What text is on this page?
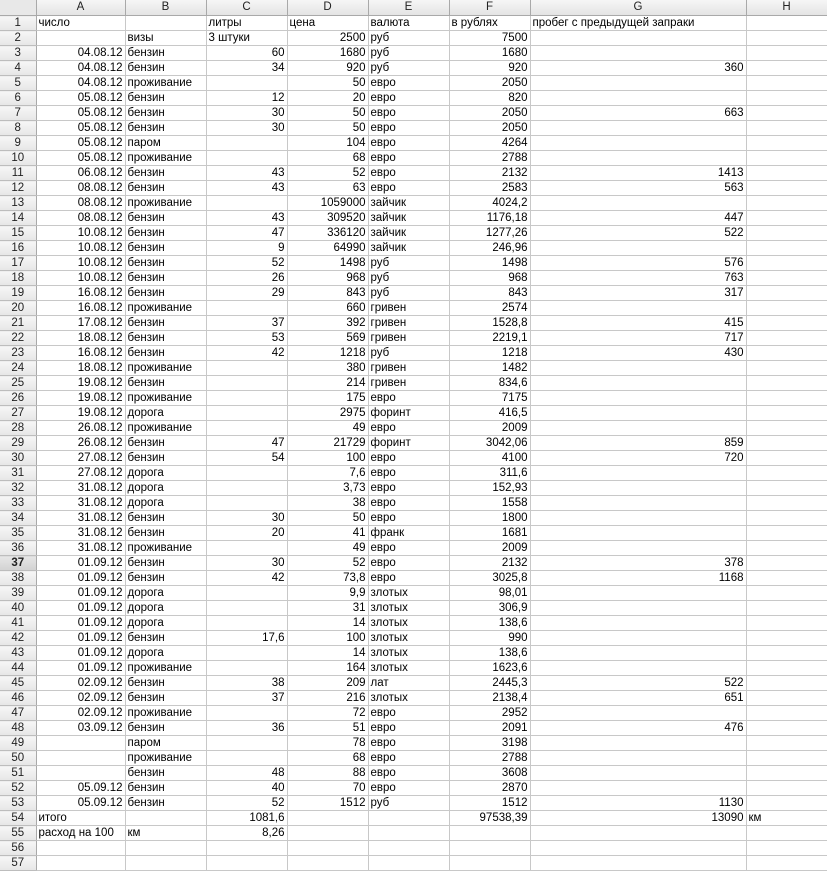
	A	B	C	D	E	F	G	H
1	число		литры	цена	валюта	в рублях	пробег с предыдущей запраки	
2		визы	3 штуки	2500	руб	7500		
3	04.08.12	бензин	60	1680	руб	1680		
4	04.08.12	бензин	34	920	руб	920	360	
5	04.08.12	проживание		50	евро	2050		
6	05.08.12	бензин	12	20	евро	820		
7	05.08.12	бензин	30	50	евро	2050	663	
8	05.08.12	бензин	30	50	евро	2050		
9	05.08.12	паром		104	евро	4264		
10	05.08.12	проживание		68	евро	2788		
11	06.08.12	бензин	43	52	евро	2132	1413	
12	08.08.12	бензин	43	63	евро	2583	563	
13	08.08.12	проживание		1059000	зайчик	4024,2		
14	08.08.12	бензин	43	309520	зайчик	1176,18	447	
15	10.08.12	бензин	47	336120	зайчик	1277,26	522	
16	10.08.12	бензин	9	64990	зайчик	246,96		
17	10.08.12	бензин	52	1498	руб	1498	576	
18	10.08.12	бензин	26	968	руб	968	763	
19	16.08.12	бензин	29	843	руб	843	317	
20	16.08.12	проживание		660	гривен	2574		
21	17.08.12	бензин	37	392	гривен	1528,8	415	
22	18.08.12	бензин	53	569	гривен	2219,1	717	
23	16.08.12	бензин	42	1218	руб	1218	430	
24	18.08.12	проживание		380	гривен	1482		
25	19.08.12	бензин		214	гривен	834,6		
26	19.08.12	проживание		175	евро	7175		
27	19.08.12	дорога		2975	форинт	416,5		
28	26.08.12	проживание		49	евро	2009		
29	26.08.12	бензин	47	21729	форинт	3042,06	859	
30	27.08.12	бензин	54	100	евро	4100	720	
31	27.08.12	дорога		7,6	евро	311,6		
32	31.08.12	дорога		3,73	евро	152,93		
33	31.08.12	дорога		38	евро	1558		
34	31.08.12	бензин	30	50	евро	1800		
35	31.08.12	бензин	20	41	франк	1681		
36	31.08.12	проживание		49	евро	2009		
37	01.09.12	бензин	30	52	евро	2132	378	
38	01.09.12	бензин	42	73,8	евро	3025,8	1168	
39	01.09.12	дорога		9,9	злотых	98,01		
40	01.09.12	дорога		31	злотых	306,9		
41	01.09.12	дорога		14	злотых	138,6		
42	01.09.12	бензин	17,6	100	злотых	990		
43	01.09.12	дорога		14	злотых	138,6		
44	01.09.12	проживание		164	злотых	1623,6		
45	02.09.12	бензин	38	209	лат	2445,3	522	
46	02.09.12	бензин	37	216	злотых	2138,4	651	
47	02.09.12	проживание		72	евро	2952		
48	03.09.12	бензин	36	51	евро	2091	476	
49		паром		78	евро	3198		
50		проживание		68	евро	2788		
51		бензин	48	88	евро	3608		
52	05.09.12	бензин	40	70	евро	2870		
53	05.09.12	бензин	52	1512	руб	1512	1130	
54	итого		1081,6			97538,39	13090	км
55	расход на 100	км	8,26					
56								
57								
